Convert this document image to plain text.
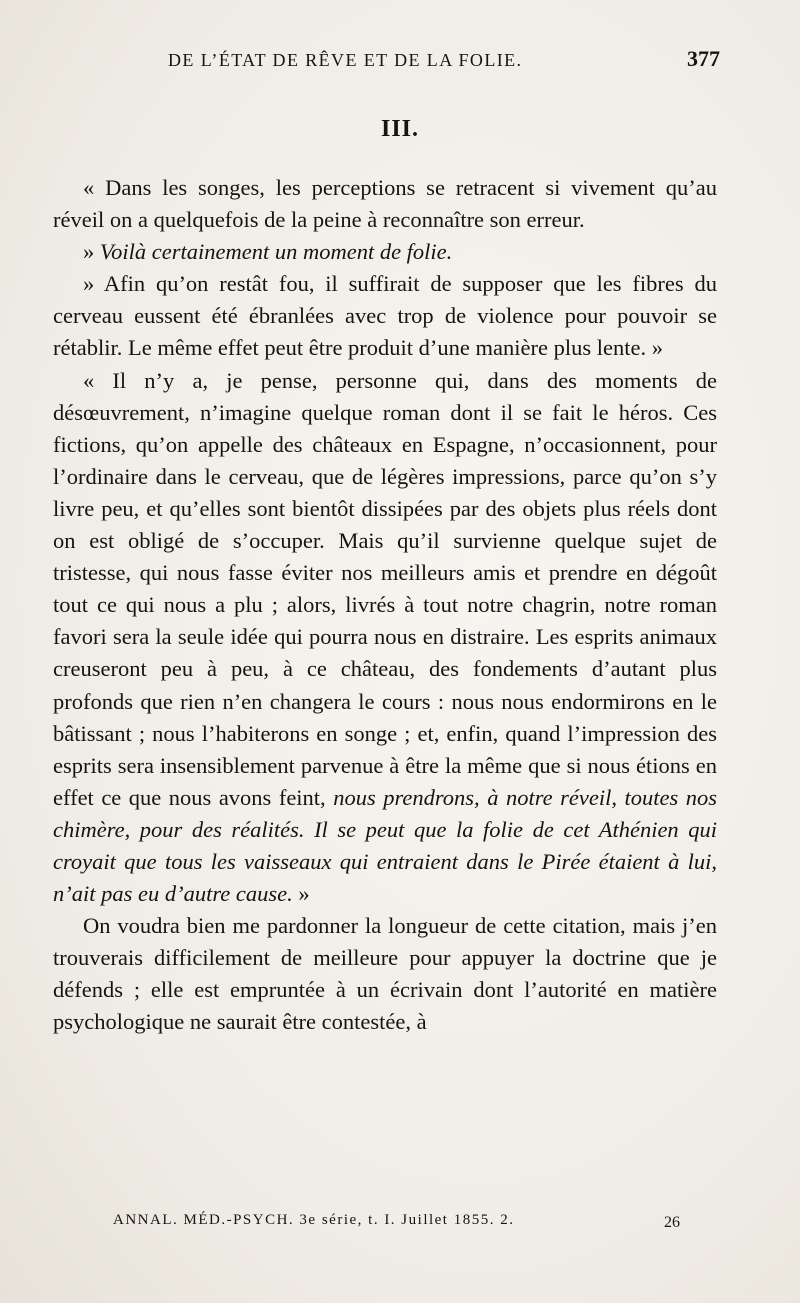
DE L’ÉTAT DE RÊVE ET DE LA FOLIE.	377
III.

« Dans les songes, les perceptions se retracent si vivement qu’au réveil on a quelquefois de la peine à reconnaître son erreur.

» Voilà certainement un moment de folie.

» Afin qu’on restât fou, il suffirait de supposer que les fibres du cerveau eussent été ébranlées avec trop de violence pour pouvoir se rétablir. Le même effet peut être produit d’une manière plus lente. »

« Il n’y a, je pense, personne qui, dans des moments de désœuvrement, n’imagine quelque roman dont il se fait le héros. Ces fictions, qu’on appelle des châteaux en Espagne, n’occasionnent, pour l’ordinaire dans le cerveau, que de légères impressions, parce qu’on s’y livre peu, et qu’elles sont bientôt dissipées par des objets plus réels dont on est obligé de s’occuper. Mais qu’il survienne quelque sujet de tristesse, qui nous fasse éviter nos meilleurs amis et prendre en dégoût tout ce qui nous a plu ; alors, livrés à tout notre chagrin, notre roman favori sera la seule idée qui pourra nous en distraire. Les esprits animaux creuseront peu à peu, à ce château, des fondements d’autant plus profonds que rien n’en changera le cours : nous nous endormirons en le bâtissant ; nous l’habiterons en songe ; et, enfin, quand l’impression des esprits sera insensiblement parvenue à être la même que si nous étions en effet ce que nous avons feint, nous prendrons, à notre réveil, toutes nos chimère, pour des réalités. Il se peut que la folie de cet Athénien qui croyait que tous les vaisseaux qui entraient dans le Pirée étaient à lui, n’ait pas eu d’autre cause. »

On voudra bien me pardonner la longueur de cette citation, mais j’en trouverais difficilement de meilleure pour appuyer la doctrine que je défends ; elle est empruntée à un écrivain dont l’autorité en matière psychologique ne saurait être contestée, à

ANNAL. MÉD.-PSYCH. 3e série, t. I. Juillet 1855. 2.	26
